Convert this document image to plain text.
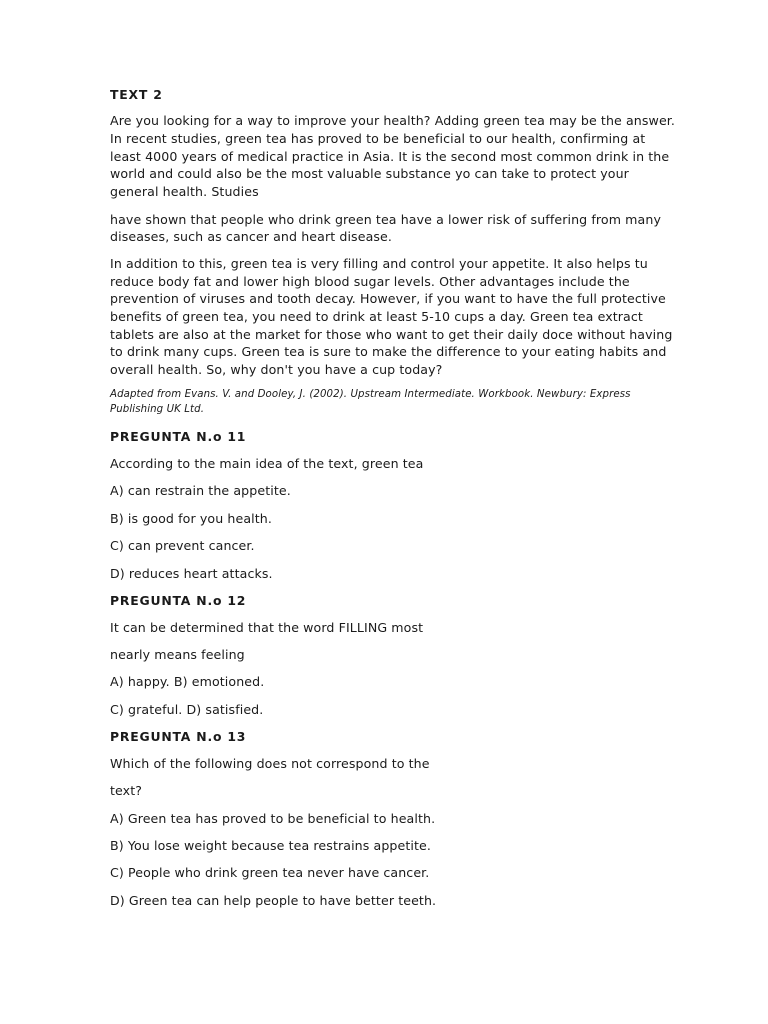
TEXT 2
Are you looking for a way to improve your health? Adding green tea may be the answer.
In recent studies, green tea has proved to be beneficial to our health, confirming at
least 4000 years of medical practice in Asia. It is the second most common drink in the
world and could also be the most valuable substance yo can take to protect your
general health. Studies
have shown that people who drink green tea have a lower risk of suffering from many
diseases, such as cancer and heart disease.
In addition to this, green tea is very filling and control your appetite. It also helps tu
reduce body fat and lower high blood sugar levels. Other advantages include the
prevention of viruses and tooth decay. However, if you want to have the full protective
benefits of green tea, you need to drink at least 5-10 cups a day. Green tea extract
tablets are also at the market for those who want to get their daily doce without having
to drink many cups. Green tea is sure to make the difference to your eating habits and
overall health. So, why don't you have a cup today?
Adapted from Evans. V. and Dooley, J. (2002). Upstream Intermediate. Workbook. Newbury: Express
Publishing UK Ltd.
PREGUNTA N.o 11
According to the main idea of the text, green tea
A) can restrain the appetite.
B) is good for you health.
C) can prevent cancer.
D) reduces heart attacks.
PREGUNTA N.o 12
It can be determined that the word FILLING most
nearly means feeling
A) happy. B) emotioned.
C) grateful. D) satisfied.
PREGUNTA N.o 13
Which of the following does not correspond to the
text?
A) Green tea has proved to be beneficial to health.
B) You lose weight because tea restrains appetite.
C) People who drink green tea never have cancer.
D) Green tea can help people to have better teeth.
